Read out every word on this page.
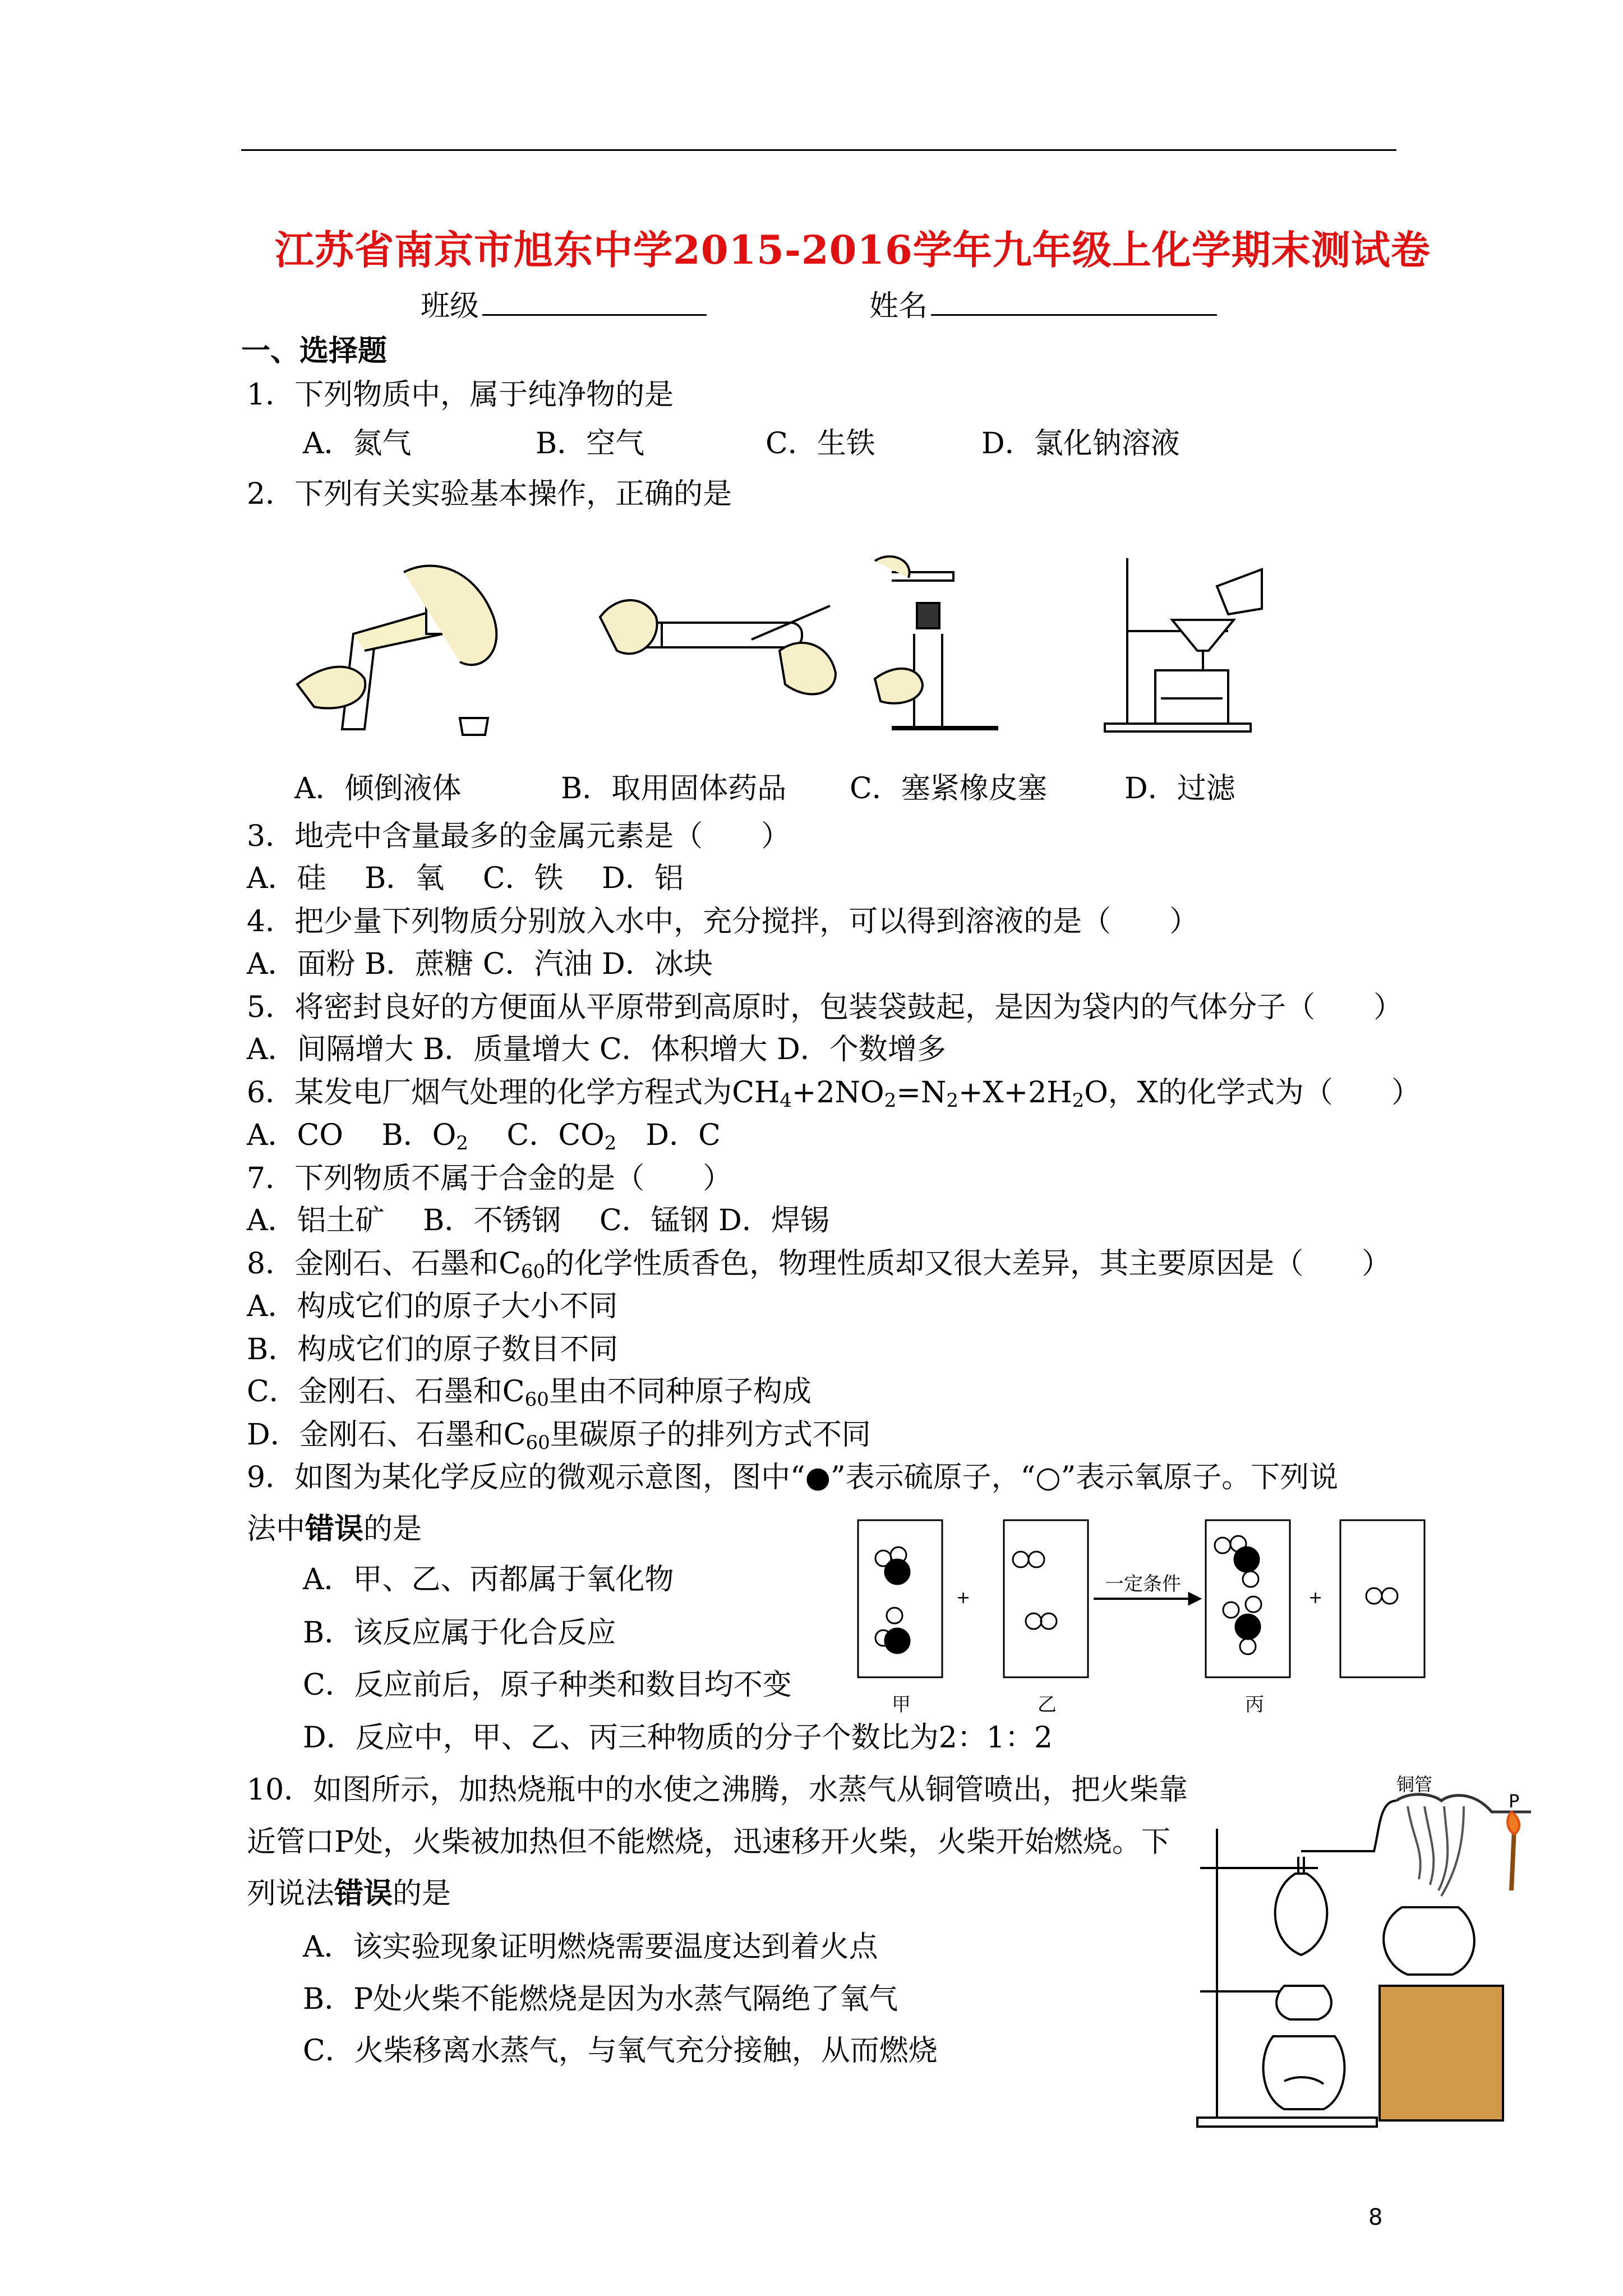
江苏省南京市旭东中学2015-2016学年九年级上化学期末测试卷
班级	姓名
一、选择题
1．下列物质中，属于纯净物的是
A．氮气	B．空气	C．生铁	D．氯化钠溶液
2．下列有关实验基本操作，正确的是
A．倾倒液体	B．取用固体药品 C．塞紧橡皮塞	D．过滤
3．地壳中含量最多的金属元素是（　　）
A．硅　 B．氧　 C．铁　 D．铝
4．把少量下列物质分别放入水中，充分搅拌，可以得到溶液的是（　　）
A．面粉 B．蔗糖 C．汽油 D．冰块
5．将密封良好的方便面从平原带到高原时，包装袋鼓起，是因为袋内的气体分子（　　）
A．间隔增大 B．质量增大 C．体积增大 D．个数增多
6．某发电厂烟气处理的化学方程式为$CH_4+2NO_2=N_2+X+2H_2O$，X的化学式为（　　）
A．CO　 B．$O_2$　 C．$CO_2$　D．C
7．下列物质不属于合金的是（　　）
A．铝土矿　 B．不锈钢　 C．锰钢 D．焊锡
8．金刚石、石墨和$C_{60}$的化学性质香色，物理性质却又很大差异，其主要原因是（　　）
A．构成它们的原子大小不同
B．构成它们的原子数目不同
C．金刚石、石墨和$C_{60}$里由不同种原子构成
D．金刚石、石墨和$C_{60}$里碳原子的排列方式不同
9．如图为某化学反应的微观示意图，图中“●”表示硫原子，“○”表示氧原子。下列说
法中错误的是
A．甲、乙、丙都属于氧化物
B．该反应属于化合反应
C．反应前后，原子种类和数目均不变
D．反应中，甲、乙、丙三种物质的分子个数比为2：1：2
+	+
一定条件
甲	乙	丙
10．如图所示，加热烧瓶中的水使之沸腾，水蒸气从铜管喷出，把火柴靠
近管口P处，火柴被加热但不能燃烧，迅速移开火柴，火柴开始燃烧。下
列说法错误的是
A．该实验现象证明燃烧需要温度达到着火点
B．P处火柴不能燃烧是因为水蒸气隔绝了氧气
C．火柴移离水蒸气，与氧气充分接触，从而燃烧
铜管
P
8
